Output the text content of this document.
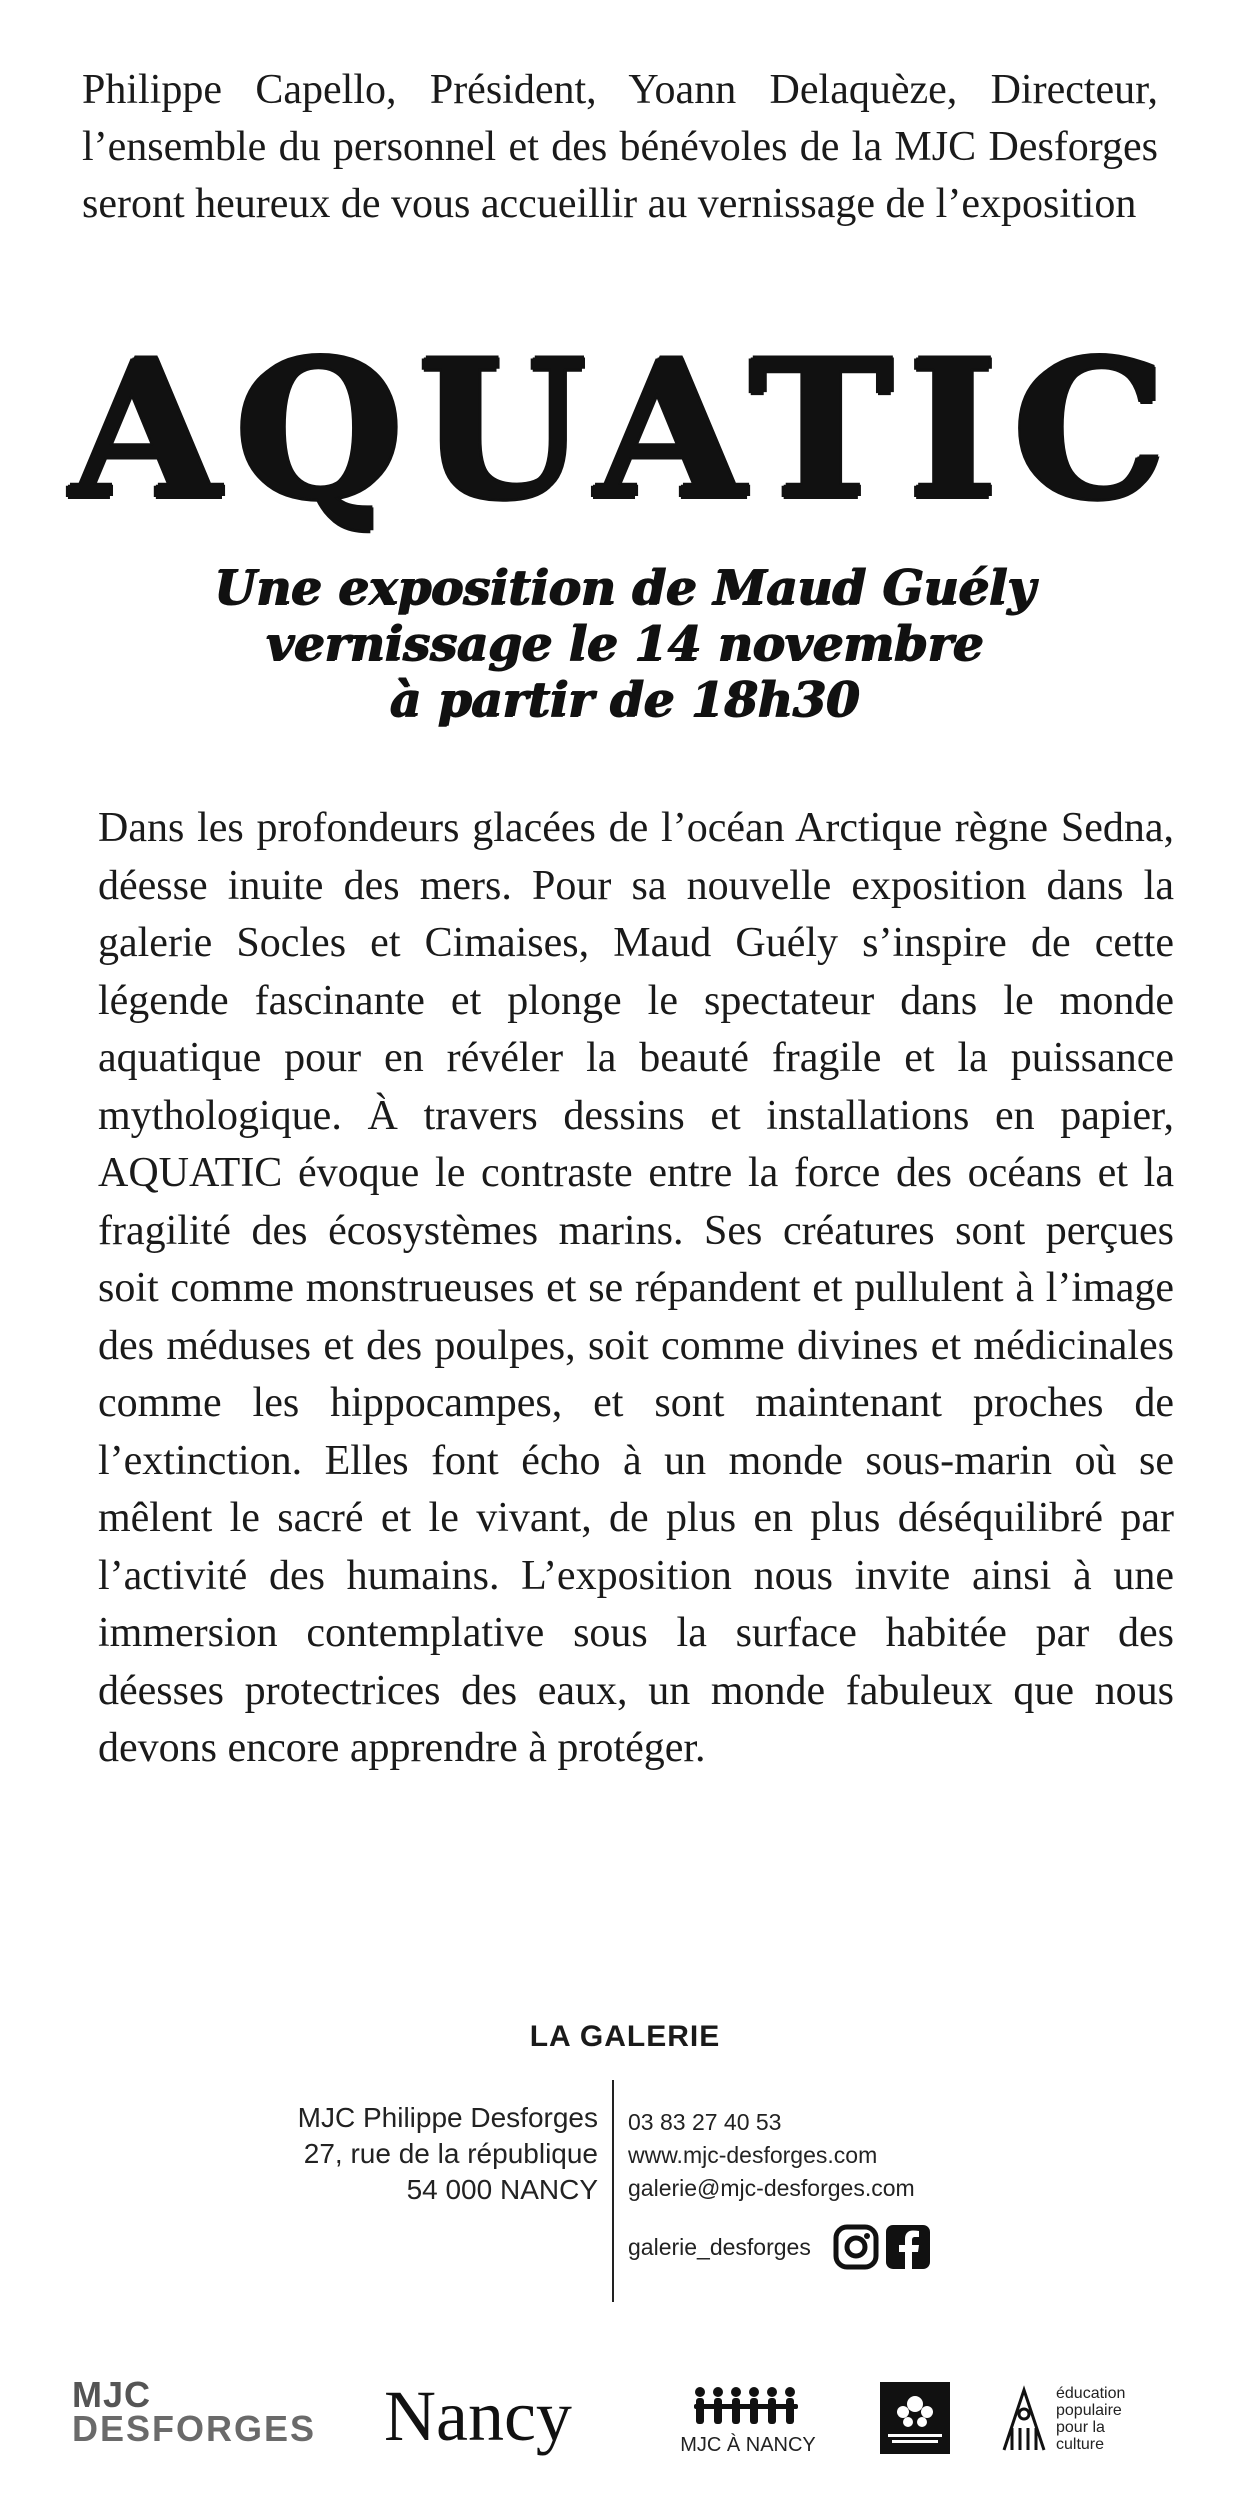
Philippe Capello, Président, Yoann Delaquèze, Directeur, l’ensemble du personnel et des bénévoles de la MJC Desforges seront heureux de vous accueillir au vernissage de l’exposition

AQUATIC
Une exposition de Maud Guély
vernissage le 14 novembre
à partir de 18h30

Dans les profondeurs glacées de l’océan Arctique règne Sedna, déesse inuite des mers. Pour sa nouvelle exposition dans la galerie Socles et Cimaises, Maud Guély s’inspire de cette légende fascinante et plonge le spectateur dans le monde aquatique pour en révéler la beauté fragile et la puissance mythologique. À travers dessins et installations en papier, AQUATIC évoque le contraste entre la force des océans et la fragilité des écosystèmes marins. Ses créatures sont perçues soit comme monstrueuses et se répandent et pullulent à l’image des méduses et des poulpes, soit comme divines et médicinales comme les hippocampes, et sont maintenant proches de l’extinction. Elles font écho à un monde sous-marin où se mêlent le sacré et le vivant, de plus en plus déséquilibré par l’activité des humains. L’exposition nous invite ainsi à une immersion contemplative sous la surface habitée par des déesses protectrices des eaux, un monde fabuleux que nous devons encore apprendre à protéger.

LA GALERIE
MJC Philippe Desforges
27, rue de la république
54 000 NANCY
03 83 27 40 53
www.mjc-desforges.com
galerie@mjc-desforges.com
galerie_desforges
MJC
DESFORGES Nancy	MJC À NANCY
éducation
populaire
pour la
culture
